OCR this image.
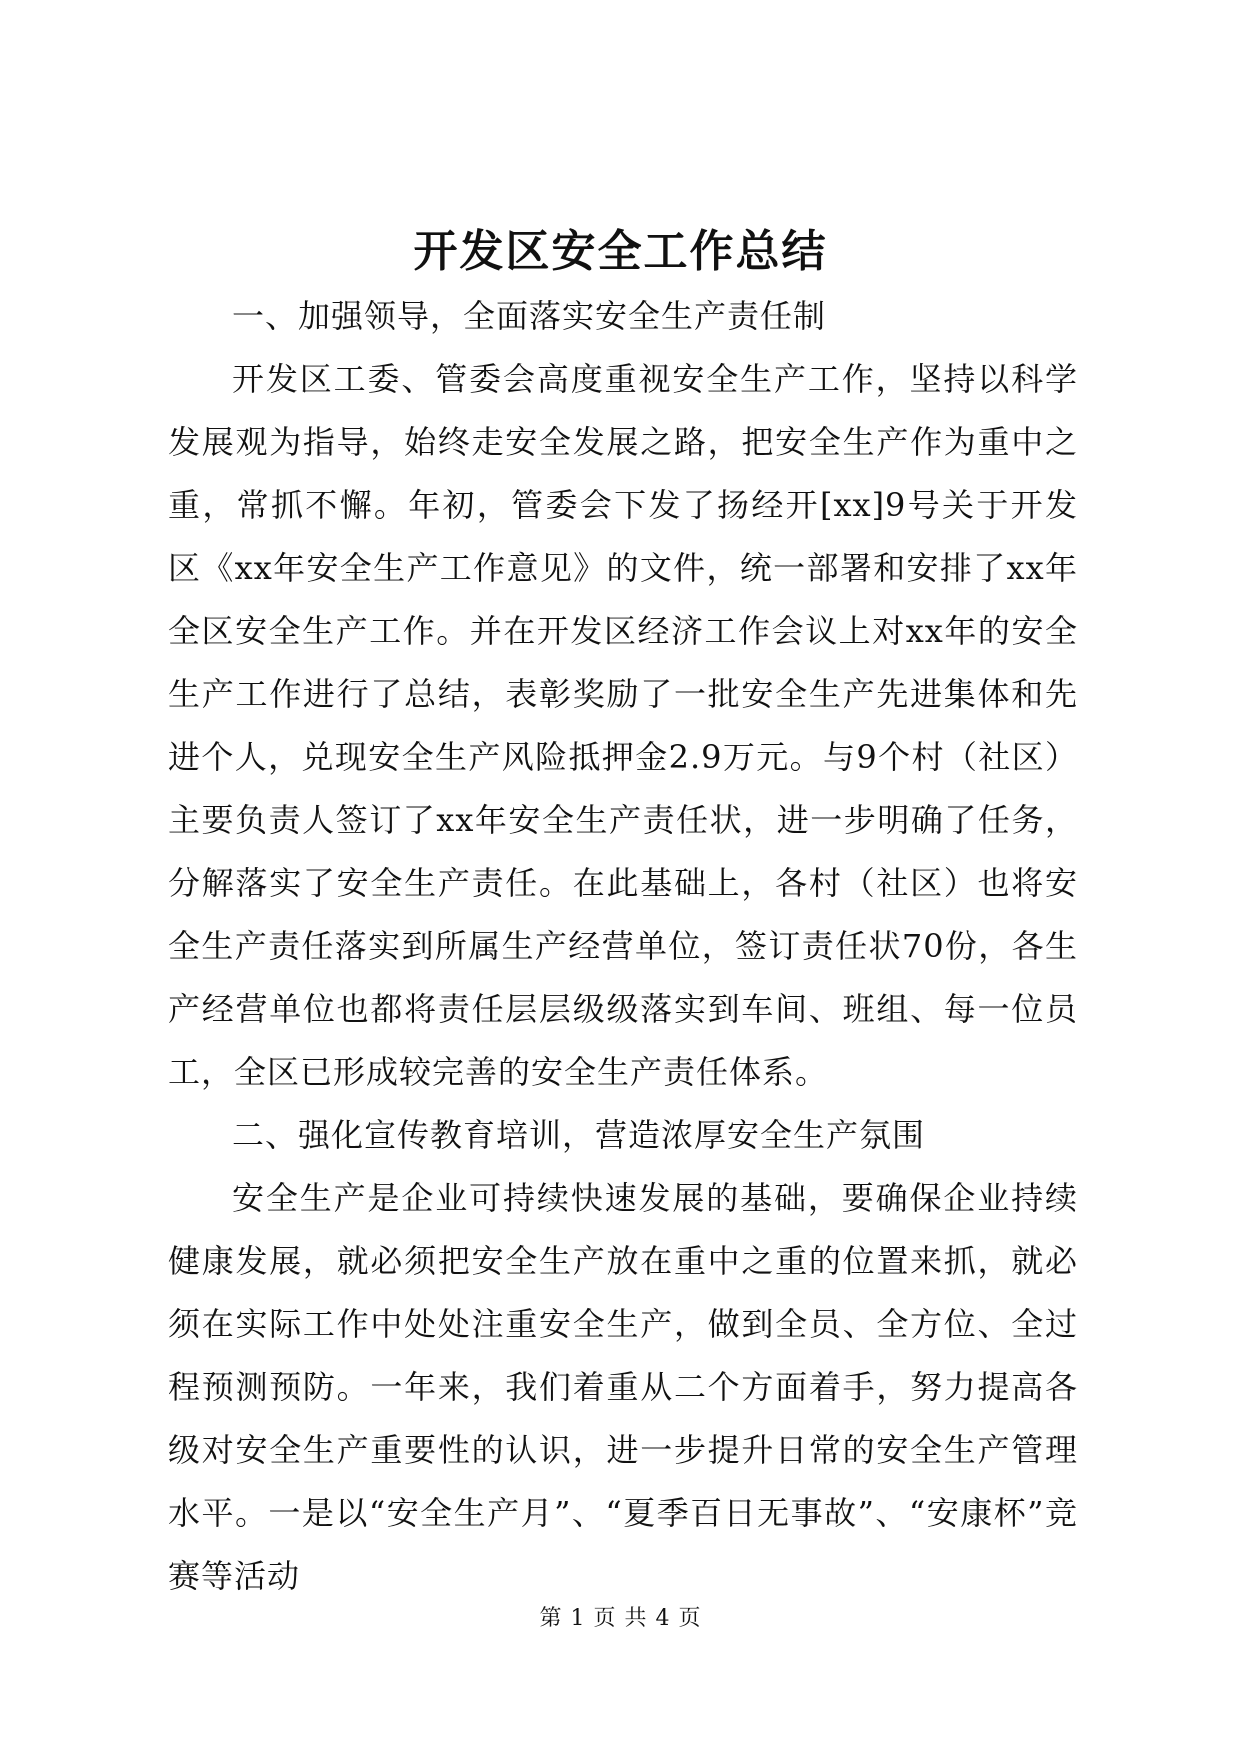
开发区安全工作总结

一、加强领导，全面落实安全生产责任制

开发区工委、管委会高度重视安全生产工作，坚持以科学发展观为指导，始终走安全发展之路，把安全生产作为重中之重，常抓不懈。年初，管委会下发了扬经开[xx]9号关于开发区《xx年安全生产工作意见》的文件，统一部署和安排了xx年全区安全生产工作。并在开发区经济工作会议上对xx年的安全生产工作进行了总结，表彰奖励了一批安全生产先进集体和先进个人，兑现安全生产风险抵押金2.9万元。与9个村（社区）主要负责人签订了xx年安全生产责任状，进一步明确了任务，分解落实了安全生产责任。在此基础上，各村（社区）也将安全生产责任落实到所属生产经营单位，签订责任状70份，各生产经营单位也都将责任层层级级落实到车间、班组、每一位员工，全区已形成较完善的安全生产责任体系。

二、强化宣传教育培训，营造浓厚安全生产氛围

安全生产是企业可持续快速发展的基础，要确保企业持续健康发展，就必须把安全生产放在重中之重的位置来抓，就必须在实际工作中处处注重安全生产，做到全员、全方位、全过程预测预防。一年来，我们着重从二个方面着手，努力提高各级对安全生产重要性的认识，进一步提升日常的安全生产管理水平。一是以“安全生产月”、“夏季百日无事故”、“安康杯”竞赛等活动

第 1 页 共 4 页
